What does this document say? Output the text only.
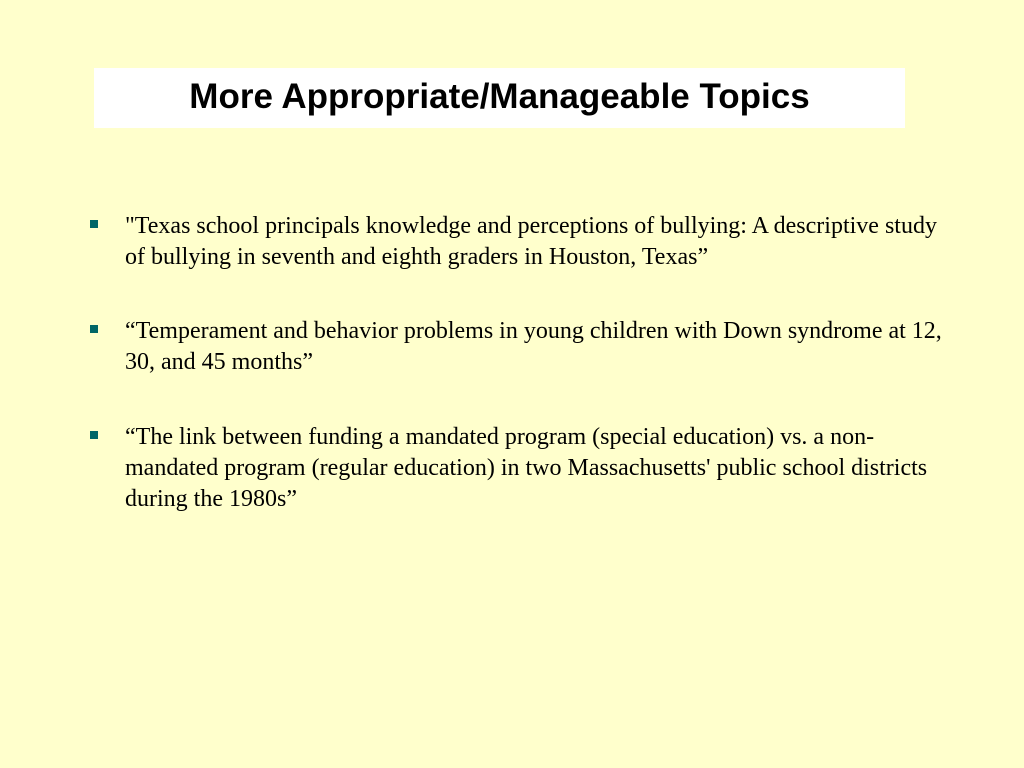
More Appropriate/Manageable Topics
"Texas school principals knowledge and perceptions of bullying: A descriptive study of bullying in seventh and eighth graders in Houston, Texas”
“Temperament and behavior problems in young children with Down syndrome at 12, 30, and 45 months”
“The link between funding a mandated program (special education) vs. a non-mandated program (regular education) in two Massachusetts' public school districts during the 1980s”
